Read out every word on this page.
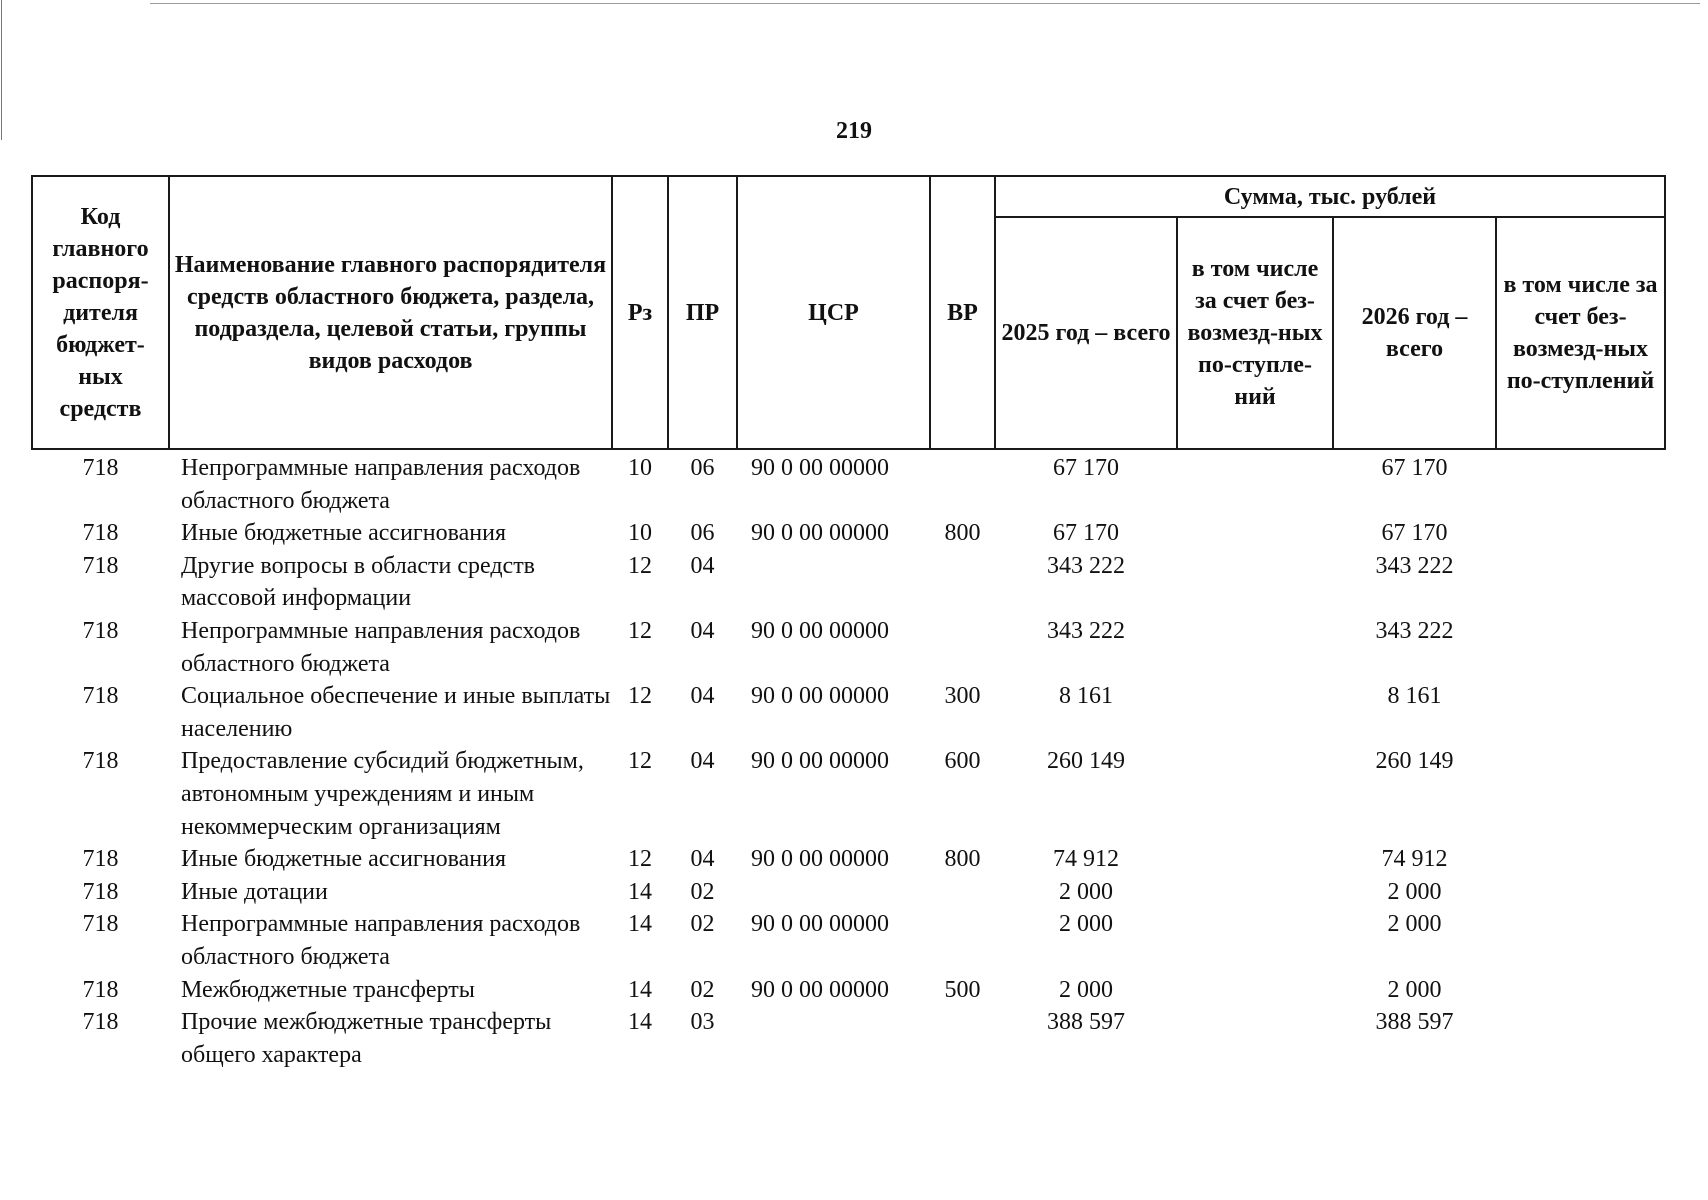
219
Код главного распоря-дителя бюджет-ных средств	Наименование главного распорядителя средств областного бюджета, раздела, подраздела, целевой статьи, группы видов расходов	Рз	ПР	ЦСР	ВР	Сумма, тыс. рублей			
						2025 год – всего	в том числе за счет без-возмезд-ных по-ступле-ний	2026 год – всего	в том числе за счет без-возмезд-ных по-ступлений
718	Непрограммные направления расходов областного бюджета	10	06	90 0 00 00000		67 170		67 170	
718	Иные бюджетные ассигнования	10	06	90 0 00 00000	800	67 170		67 170	
718	Другие вопросы в области средств массовой информации	12	04			343 222		343 222	
718	Непрограммные направления расходов областного бюджета	12	04	90 0 00 00000		343 222		343 222	
718	Социальное обеспечение и иные выплаты населению	12	04	90 0 00 00000	300	8 161		8 161	
718	Предоставление субсидий бюджетным, автономным учреждениям и иным некоммерческим организациям	12	04	90 0 00 00000	600	260 149		260 149	
718	Иные бюджетные ассигнования	12	04	90 0 00 00000	800	74 912		74 912	
718	Иные дотации	14	02			2 000		2 000	
718	Непрограммные направления расходов областного бюджета	14	02	90 0 00 00000		2 000		2 000	
718	Межбюджетные трансферты	14	02	90 0 00 00000	500	2 000		2 000	
718	Прочие межбюджетные трансферты общего характера	14	03			388 597		388 597	
